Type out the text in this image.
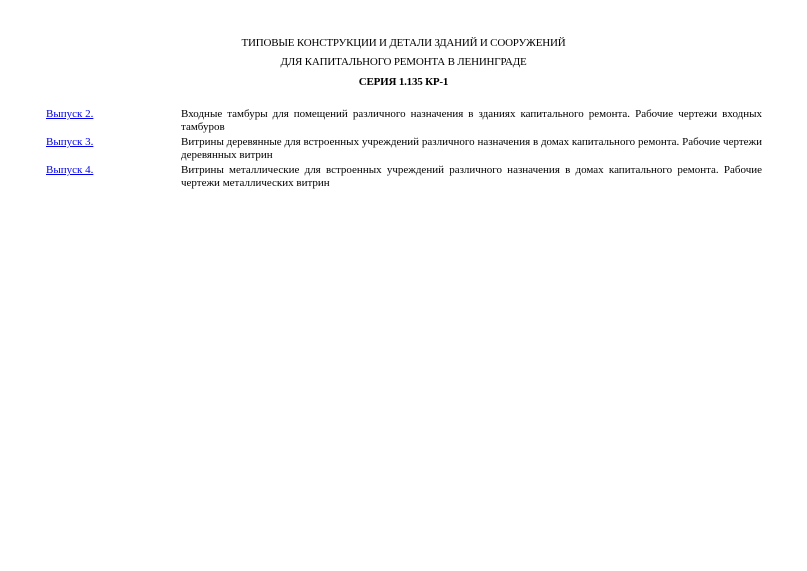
ТИПОВЫЕ КОНСТРУКЦИИ И ДЕТАЛИ ЗДАНИЙ И СООРУЖЕНИЙ
ДЛЯ КАПИТАЛЬНОГО РЕМОНТА В ЛЕНИНГРАДЕ
СЕРИЯ 1.135 КР-1
Выпуск 2.	Входные тамбуры для помещений различного назначения в зданиях капитального ремонта. Рабочие чертежи входных тамбуров
Выпуск 3.	Витрины деревянные для встроенных учреждений различного назначения в домах капитального ремонта. Рабочие чертежи деревянных витрин
Выпуск 4.	Витрины металлические для встроенных учреждений различного назначения в домах капитального ремонта. Рабочие чертежи металлических витрин
